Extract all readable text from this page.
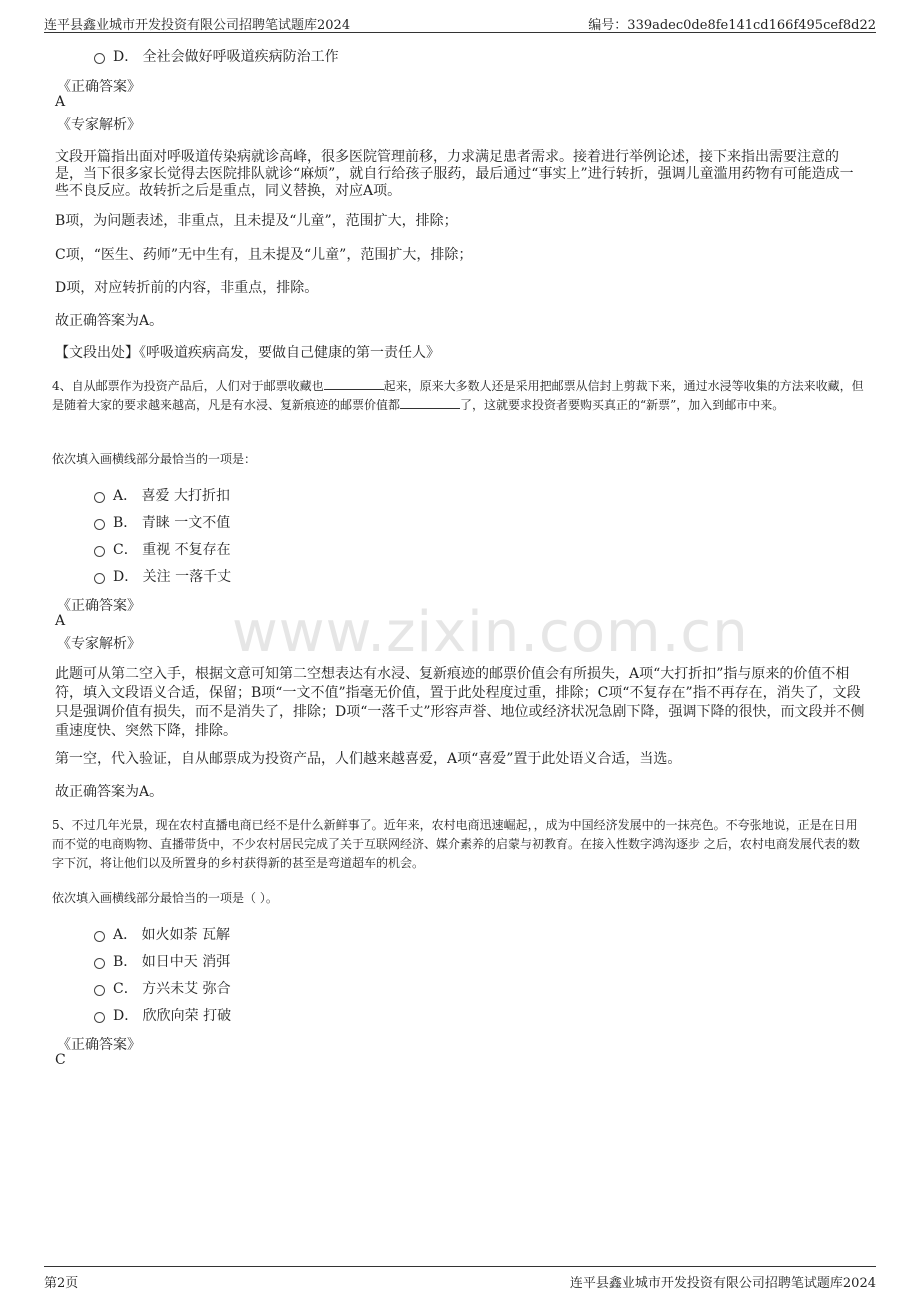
连平县鑫业城市开发投资有限公司招聘笔试题库2024	编号：339adec0de8fe141cd166f495cef8d22
www.zixin.com.cn
D． 全社会做好呼吸道疾病防治工作
《正确答案》
A
《专家解析》
文段开篇指出面对呼吸道传染病就诊高峰，很多医院管理前移，力求满足患者需求。接着进行举例论述，接下来指出需要注意的是，当下很多家长觉得去医院排队就诊“麻烦”，就自行给孩子服药，最后通过“事实上”进行转折，强调儿童滥用药物有可能造成一些不良反应。故转折之后是重点，同义替换，对应A项。
B项，为问题表述，非重点，且未提及“儿童”，范围扩大，排除；
C项，“医生、药师”无中生有，且未提及“儿童”，范围扩大，排除；
D项，对应转折前的内容，非重点，排除。
故正确答案为A。
【文段出处】《呼吸道疾病高发，要做自己健康的第一责任人》
4、自从邮票作为投资产品后，人们对于邮票收藏也	起来，原来大多数人还是采用把邮票从信封上剪裁下来，通过水浸等收集的方法来收藏，但是随着大家的要求越来越高，凡是有水浸、复新痕迹的邮票价值都	了，这就要求投资者要购买真正的“新票”，加入到邮市中来。
依次填入画横线部分最恰当的一项是：
A． 喜爱 大打折扣
B． 青睐 一文不值
C． 重视 不复存在
D． 关注 一落千丈
《正确答案》
A
《专家解析》
此题可从第二空入手，根据文意可知第二空想表达有水浸、复新痕迹的邮票价值会有所损失，A项“大打折扣”指与原来的价值不相符，填入文段语义合适，保留；B项“一文不值”指毫无价值，置于此处程度过重，排除；C项“不复存在”指不再存在，消失了，文段只是强调价值有损失，而不是消失了，排除；D项“一落千丈”形容声誉、地位或经济状况急剧下降，强调下降的很快，而文段并不侧重速度快、突然下降，排除。
第一空，代入验证，自从邮票成为投资产品，人们越来越喜爱，A项“喜爱”置于此处语义合适，当选。
故正确答案为A。
5、不过几年光景，现在农村直播电商已经不是什么新鲜事了。近年来，农村电商迅速崛起，，成为中国经济发展中的一抹亮色。不夸张地说，正是在日用而不觉的电商购物、直播带货中，不少农村居民完成了关于互联网经济、媒介素养的启蒙与初教育。在接入性数字鸿沟逐步 之后，农村电商发展代表的数字下沉，将让他们以及所置身的乡村获得新的甚至是弯道超车的机会。
依次填入画横线部分最恰当的一项是（ ）。
A． 如火如荼 瓦解
B． 如日中天 消弭
C． 方兴未艾 弥合
D． 欣欣向荣 打破
《正确答案》
C
第2页	连平县鑫业城市开发投资有限公司招聘笔试题库2024
